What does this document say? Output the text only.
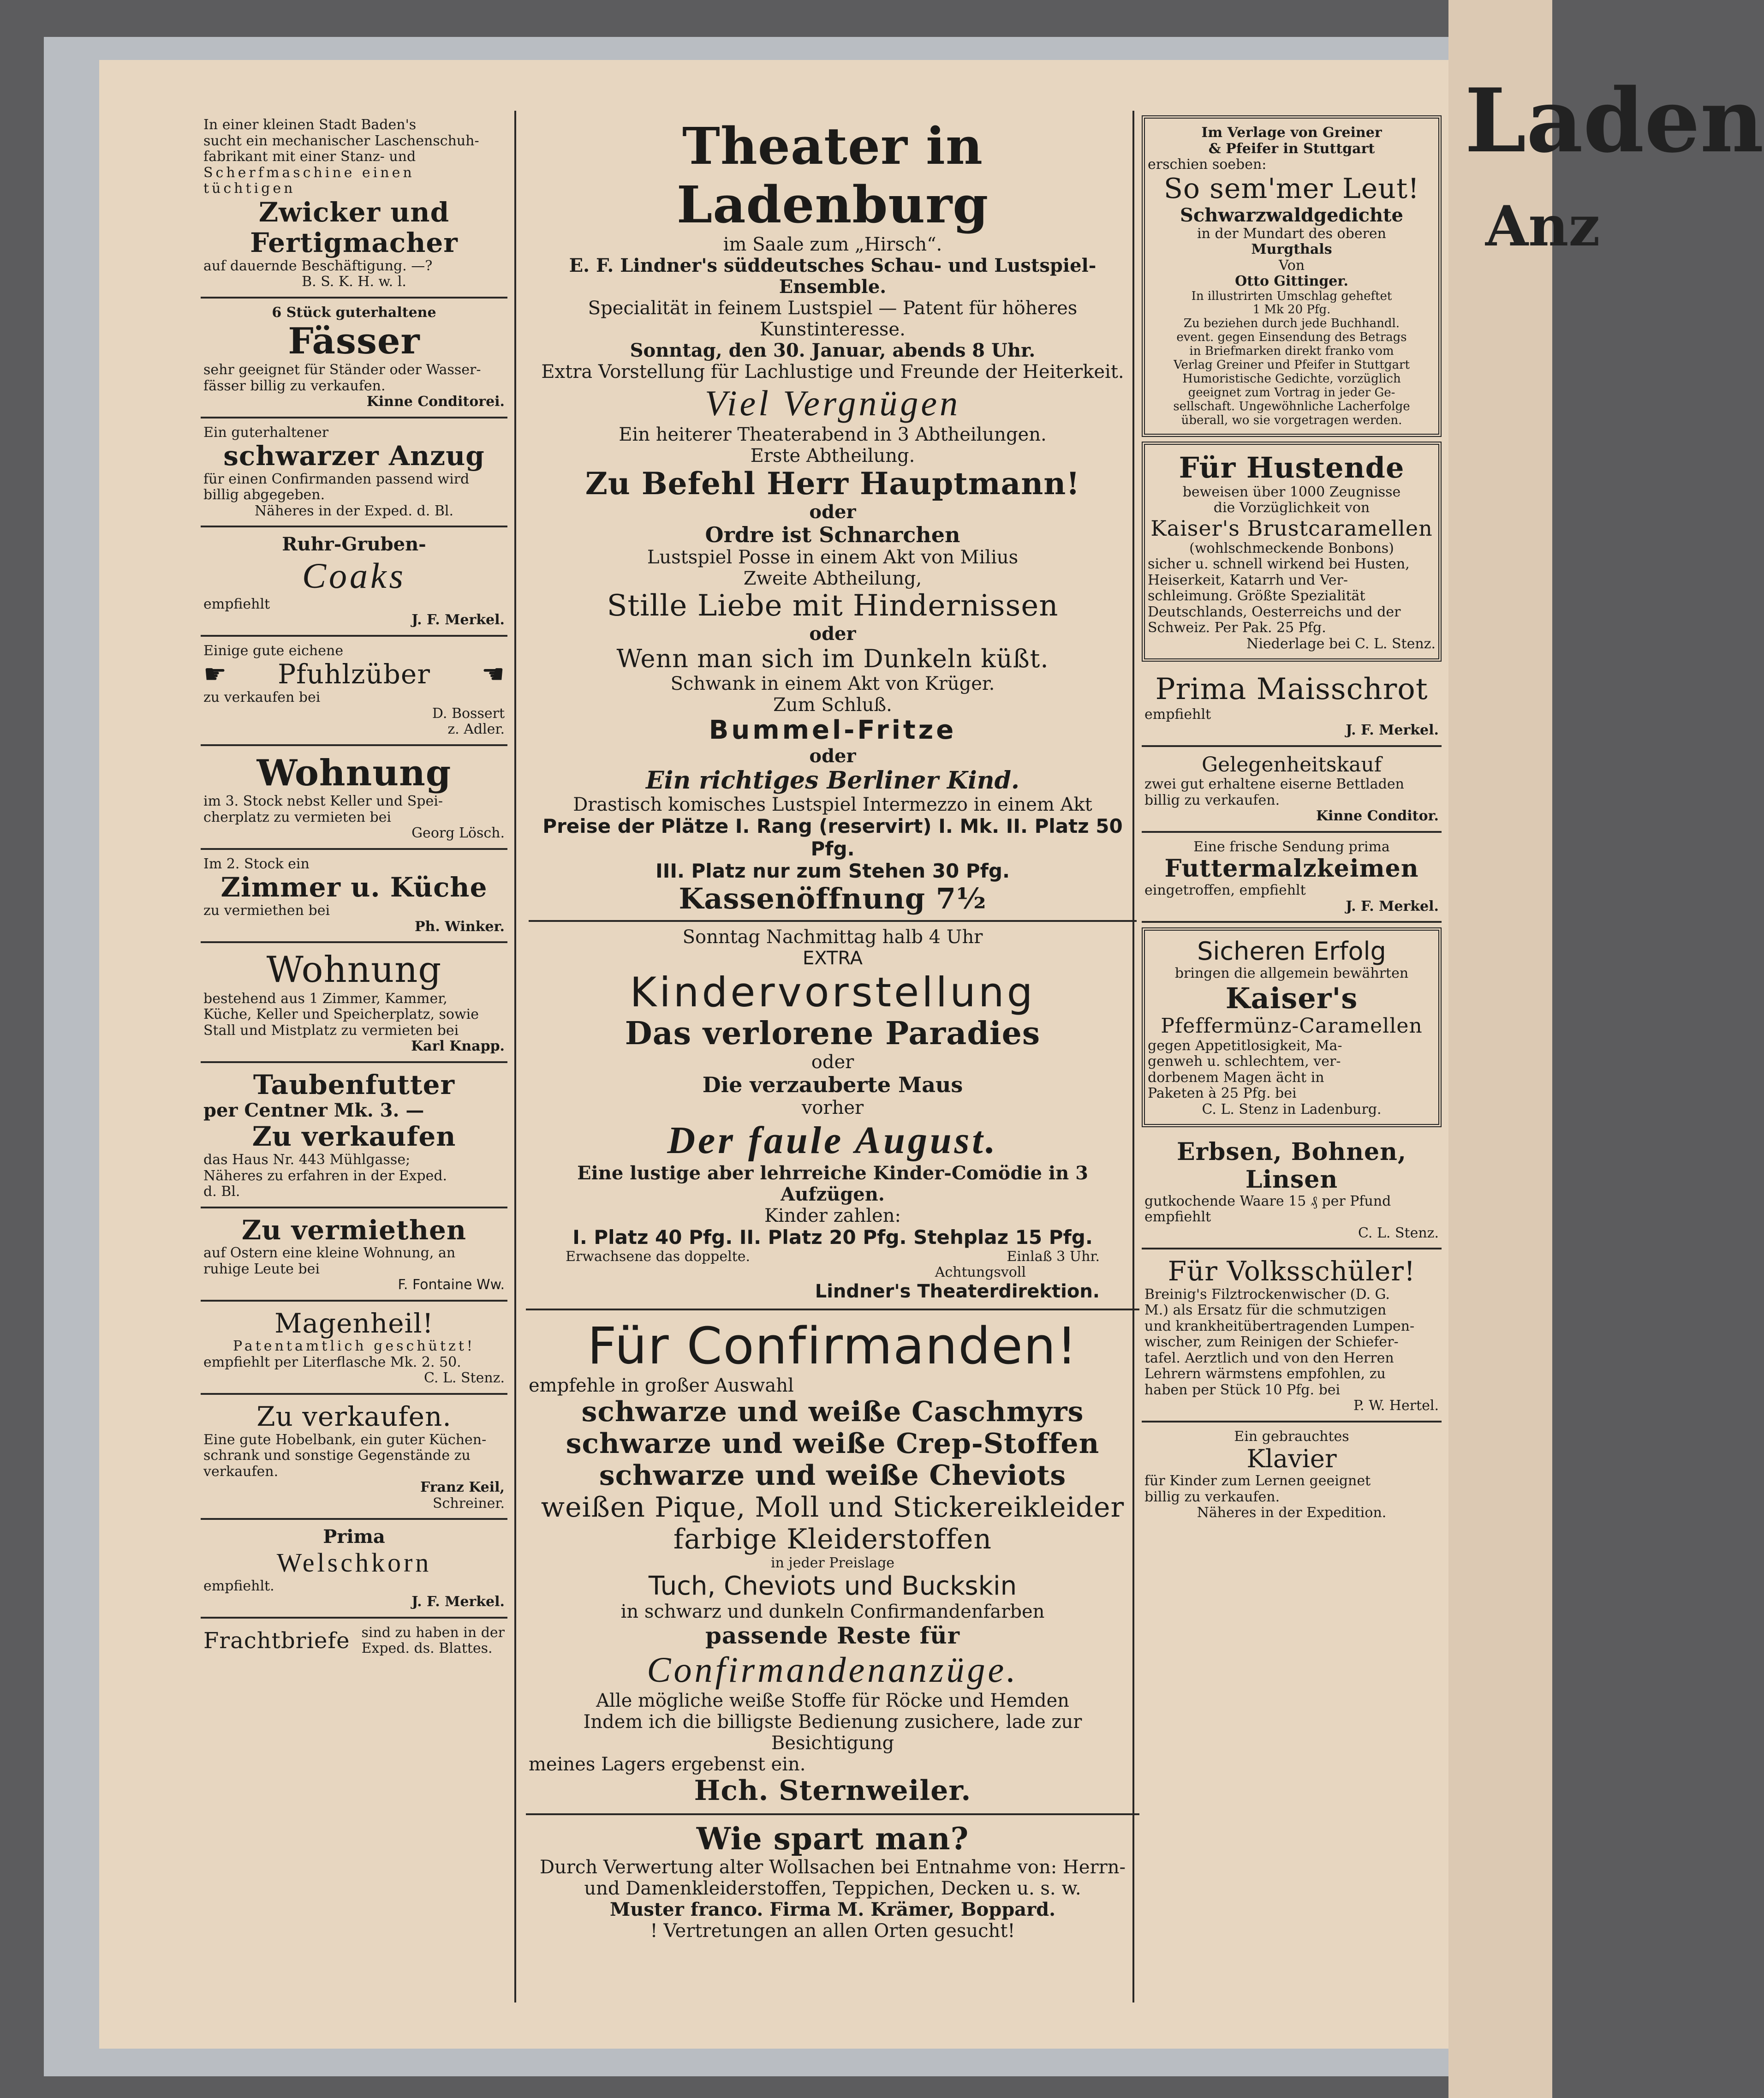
Laden
Anz
In einer kleinen Stadt Baden's
sucht ein mechanischer Laschenschuh-
fabrikant mit einer Stanz- und
Scherfmaschine einen tüchtigen
Zwicker und
Fertigmacher
auf dauernde Beschäftigung. —?
B. S. K. H. w. l.
6 Stück guterhaltene
Fässer
sehr geeignet für Ständer oder Wasser-
fässer billig zu verkaufen.
Kinne Conditorei.
Ein guterhaltener
schwarzer Anzug
für einen Confirmanden passend wird
billig abgegeben.
Näheres in der Exped. d. Bl.
Ruhr-Gruben-
Coaks
empfiehlt
J. F. Merkel.
Einige gute eichene
☛ Pfuhlzüber ☚
zu verkaufen bei
D. Bossert
z. Adler.
Wohnung
im 3. Stock nebst Keller und Spei-
cherplatz zu vermieten bei
Georg Lösch.
Im 2. Stock ein
Zimmer u. Küche
zu vermiethen bei
Ph. Winker.
Wohnung
bestehend aus 1 Zimmer, Kammer,
Küche, Keller und Speicherplatz, sowie
Stall und Mistplatz zu vermieten bei
Karl Knapp.
Taubenfutter
per Centner Mk. 3. —
Zu verkaufen
das Haus Nr. 443 Mühlgasse;
Näheres zu erfahren in der Exped.
d. Bl.
Zu vermiethen
auf Ostern eine kleine Wohnung, an
ruhige Leute bei
F. Fontaine Ww.
Magenheil!
Patentamtlich geschützt!
empfiehlt per Literflasche Mk. 2. 50.
C. L. Stenz.
Zu verkaufen.
Eine gute Hobelbank, ein guter Küchen-
schrank und sonstige Gegenstände zu
verkaufen.
Franz Keil,
Schreiner.
Prima
Welschkorn
empfiehlt.
J. F. Merkel.
Frachtbriefe sind zu haben in der
Exped. ds. Blattes.
Theater in Ladenburg
im Saale zum „Hirsch“.
E. F. Lindner's süddeutsches Schau- und Lustspiel-Ensemble.
Specialität in feinem Lustspiel — Patent für höheres Kunstinteresse.
Sonntag, den 30. Januar, abends 8 Uhr.
Extra Vorstellung für Lachlustige und Freunde der Heiterkeit.
Viel Vergnügen
Ein heiterer Theaterabend in 3 Abtheilungen.
Erste Abtheilung.
Zu Befehl Herr Hauptmann!
oder
Ordre ist Schnarchen
Lustspiel Posse in einem Akt von Milius
Zweite Abtheilung,
Stille Liebe mit Hindernissen
oder
Wenn man sich im Dunkeln küßt.
Schwank in einem Akt von Krüger.
Zum Schluß.
Bummel-Fritze
oder
Ein richtiges Berliner Kind.
Drastisch komisches Lustspiel Intermezzo in einem Akt
Preise der Plätze I. Rang (reservirt) I. Mk. II. Platz 50 Pfg.
III. Platz nur zum Stehen 30 Pfg.
Kassenöffnung 7½
Sonntag Nachmittag halb 4 Uhr
EXTRA
Kindervorstellung
Das verlorene Paradies
oder
Die verzauberte Maus
vorher
Der faule August.
Eine lustige aber lehrreiche Kinder-Comödie in 3 Aufzügen.
Kinder zahlen:
I. Platz 40 Pfg. II. Platz 20 Pfg. Stehplaz 15 Pfg.
Erwachsene das doppelte.	Einlaß 3 Uhr.
Achtungsvoll
Lindner's Theaterdirektion.
Für Confirmanden!
empfehle in großer Auswahl
schwarze und weiße Caschmyrs
schwarze und weiße Crep-Stoffen
schwarze und weiße Cheviots
weißen Pique, Moll und Stickereikleider
farbige Kleiderstoffen
in jeder Preislage
Tuch, Cheviots und Buckskin
in schwarz und dunkeln Confirmandenfarben
passende Reste für
Confirmandenanzüge.
Alle mögliche weiße Stoffe für Röcke und Hemden
Indem ich die billigste Bedienung zusichere, lade zur Besichtigung
meines Lagers ergebenst ein.
Hch. Sternweiler.
Wie spart man?
Durch Verwertung alter Wollsachen bei Entnahme von: Herrn-
und Damenkleiderstoffen, Teppichen, Decken u. s. w.
Muster franco. Firma M. Krämer, Boppard.
! Vertretungen an allen Orten gesucht!
Im Verlage von Greiner
& Pfeifer in Stuttgart
erschien soeben:
So sem'mer Leut!
Schwarzwaldgedichte
in der Mundart des oberen
Murgthals
Von
Otto Gittinger.
In illustrirten Umschlag geheftet
1 Mk 20 Pfg.
Zu beziehen durch jede Buchhandl.
event. gegen Einsendung des Betrags
in Briefmarken direkt franko vom
Verlag Greiner und Pfeifer in Stuttgart
Humoristische Gedichte, vorzüglich
geeignet zum Vortrag in jeder Ge-
sellschaft. Ungewöhnliche Lacherfolge
überall, wo sie vorgetragen werden.
Für Hustende
beweisen über 1000 Zeugnisse
die Vorzüglichkeit von
Kaiser's Brustcaramellen
(wohlschmeckende Bonbons)
sicher u. schnell wirkend bei Husten,
Heiserkeit, Katarrh und Ver-
schleimung. Größte Spezialität
Deutschlands, Oesterreichs und der
Schweiz. Per Pak. 25 Pfg.
Niederlage bei C. L. Stenz.
Prima Maisschrot
empfiehlt
J. F. Merkel.
Gelegenheitskauf
zwei gut erhaltene eiserne Bettladen
billig zu verkaufen.
Kinne Conditor.
Eine frische Sendung prima
Futtermalzkeimen
eingetroffen, empfiehlt
J. F. Merkel.
Sicheren Erfolg
bringen die allgemein bewährten
Kaiser's
Pfeffermünz-Caramellen
gegen Appetitlosigkeit, Ma-
genweh u. schlechtem, ver-
dorbenem Magen ächt in
Paketen à 25 Pfg. bei
C. L. Stenz in Ladenburg.
Erbsen, Bohnen,
Linsen
gutkochende Waare 15 ₰ per Pfund
empfiehlt
C. L. Stenz.
Für Volksschüler!
Breinig's Filztrockenwischer (D. G.
M.) als Ersatz für die schmutzigen
und krankheitübertragenden Lumpen-
wischer, zum Reinigen der Schiefer-
tafel. Aerztlich und von den Herren
Lehrern wärmstens empfohlen, zu
haben per Stück 10 Pfg. bei
P. W. Hertel.
Ein gebrauchtes
Klavier
für Kinder zum Lernen geeignet
billig zu verkaufen.
Näheres in der Expedition.
